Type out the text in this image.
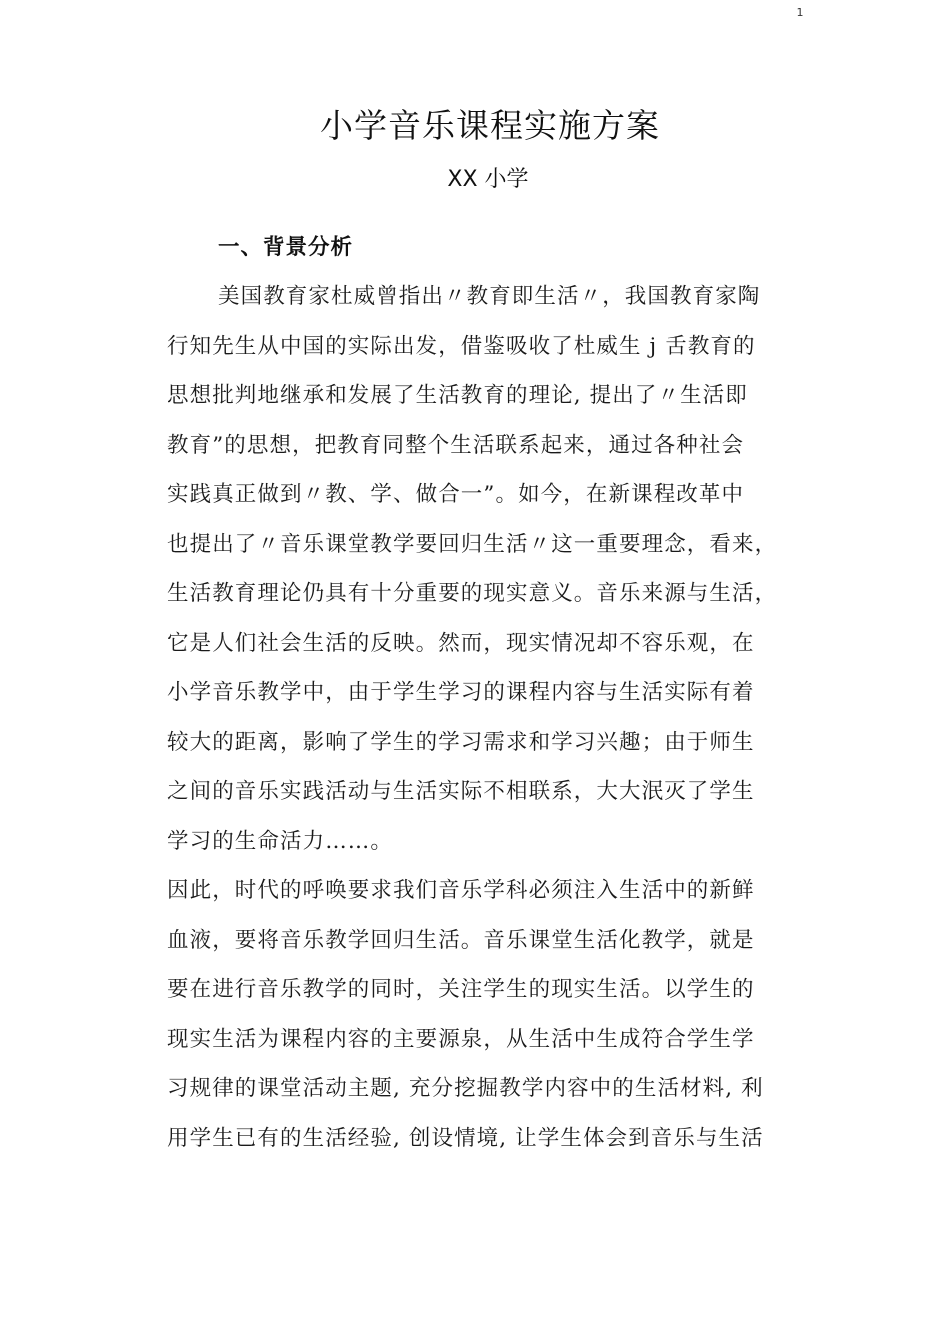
1
小学音乐课程实施方案
XX 小学
一、背景分析
美国教育家杜威曾指出〃教育即生活〃，我国教育家陶
行知先生从中国的实际出发，借鉴吸收了杜威生 j 舌教育的
思想批判地继承和发展了生活教育的理论, 提出了〃生活即
教育”的思想，把教育同整个生活联系起来，通过各种社会
实践真正做到〃教、学、做合一”。如今，在新课程改革中
也提出了〃音乐课堂教学要回归生活〃这一重要理念，看来，
生活教育理论仍具有十分重要的现实意义。音乐来源与生活，
它是人们社会生活的反映。然而，现实情况却不容乐观，在
小学音乐教学中，由于学生学习的课程内容与生活实际有着
较大的距离，影响了学生的学习需求和学习兴趣；由于师生
之间的音乐实践活动与生活实际不相联系，大大泯灭了学生
学习的生命活力……。
因此，时代的呼唤要求我们音乐学科必须注入生活中的新鲜
血液，要将音乐教学回归生活。音乐课堂生活化教学，就是
要在进行音乐教学的同时，关注学生的现实生活。以学生的
现实生活为课程内容的主要源泉，从生活中生成符合学生学
习规律的课堂活动主题, 充分挖掘教学内容中的生活材料, 利
用学生已有的生活经验, 创设情境, 让学生体会到音乐与生活
